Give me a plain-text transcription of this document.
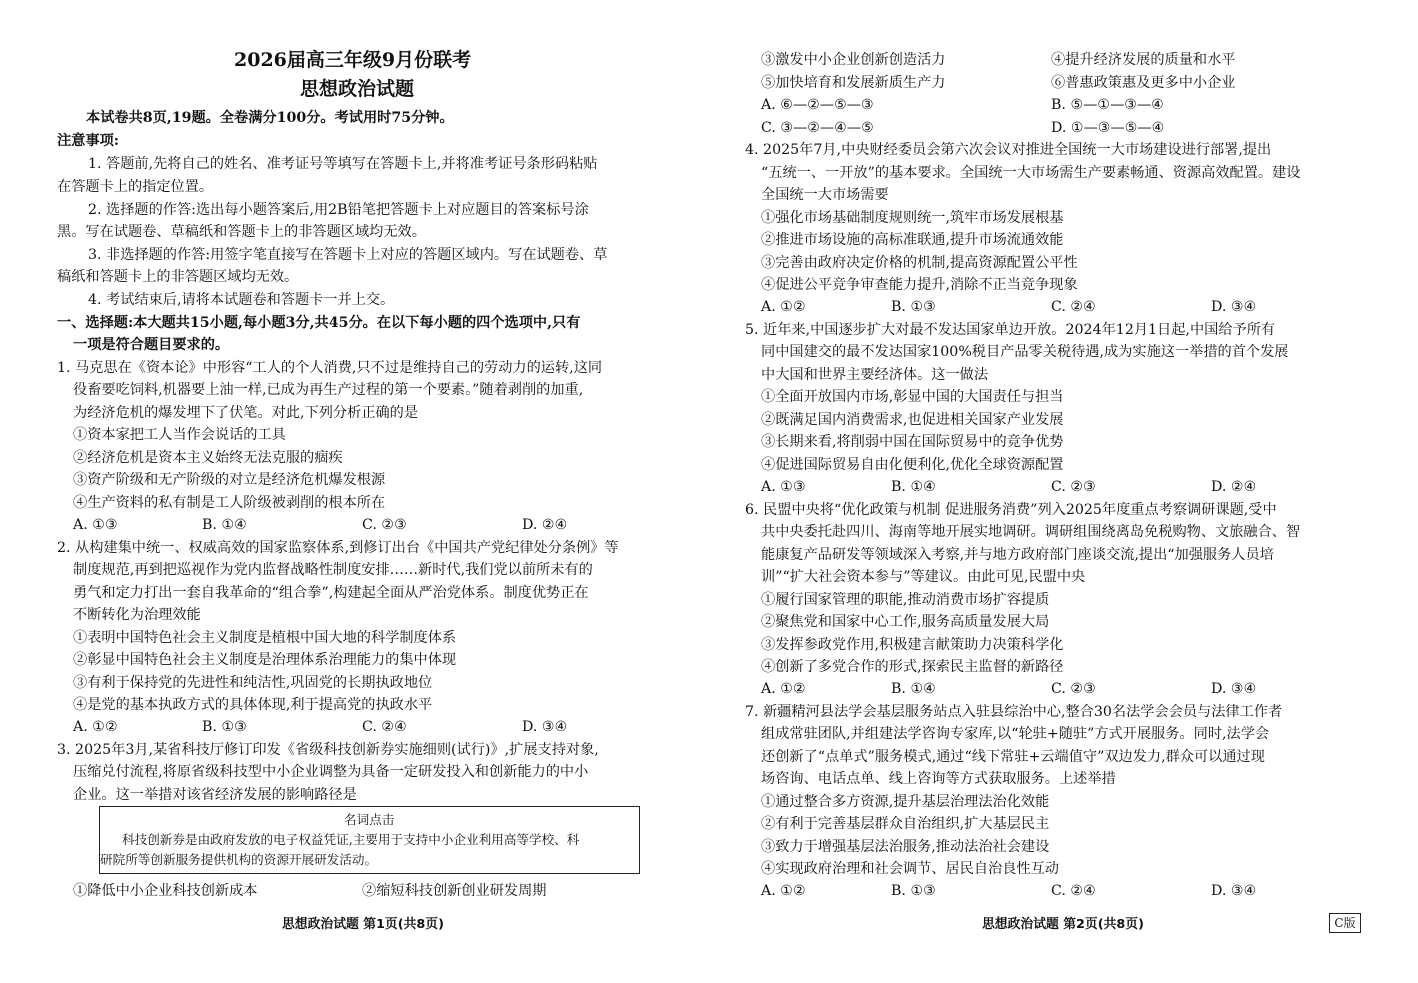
2026届高三年级9月份联考
思想政治试题
本试卷共8页,19题。全卷满分100分。考试用时75分钟。
注意事项:
1. 答题前,先将自己的姓名、准考证号等填写在答题卡上,并将准考证号条形码粘贴
在答题卡上的指定位置。
2. 选择题的作答:选出每小题答案后,用2B铅笔把答题卡上对应题目的答案标号涂
黑。写在试题卷、草稿纸和答题卡上的非答题区域均无效。
3. 非选择题的作答:用签字笔直接写在答题卡上对应的答题区域内。写在试题卷、草
稿纸和答题卡上的非答题区域均无效。
4. 考试结束后,请将本试题卷和答题卡一并上交。
一、选择题:本大题共15小题,每小题3分,共45分。在以下每小题的四个选项中,只有
一项是符合题目要求的。
1. 马克思在《资本论》中形容“工人的个人消费,只不过是维持自己的劳动力的运转,这同
役畜要吃饲料,机器要上油一样,已成为再生产过程的第一个要素。”随着剥削的加重,
为经济危机的爆发埋下了伏笔。对此,下列分析正确的是
①资本家把工人当作会说话的工具
②经济危机是资本主义始终无法克服的痼疾
③资产阶级和无产阶级的对立是经济危机爆发根源
④生产资料的私有制是工人阶级被剥削的根本所在
A. ①③	B. ①④	C. ②③	D. ②④
2. 从构建集中统一、权威高效的国家监察体系,到修订出台《中国共产党纪律处分条例》等
制度规范,再到把巡视作为党内监督战略性制度安排……新时代,我们党以前所未有的
勇气和定力打出一套自我革命的“组合拳”,构建起全面从严治党体系。制度优势正在
不断转化为治理效能
①表明中国特色社会主义制度是植根中国大地的科学制度体系
②彰显中国特色社会主义制度是治理体系治理能力的集中体现
③有利于保持党的先进性和纯洁性,巩固党的长期执政地位
④是党的基本执政方式的具体体现,利于提高党的执政水平
A. ①②	B. ①③	C. ②④	D. ③④
3. 2025年3月,某省科技厅修订印发《省级科技创新券实施细则(试行)》,扩展支持对象,
压缩兑付流程,将原省级科技型中小企业调整为具备一定研发投入和创新能力的中小
企业。这一举措对该省经济发展的影响路径是
名词点击
科技创新券是由政府发放的电子权益凭证,主要用于支持中小企业利用高等学校、科
研院所等创新服务提供机构的资源开展研发活动。
①降低中小企业科技创新成本	②缩短科技创新创业研发周期
思想政治试题 第1页(共8页)
③激发中小企业创新创造活力	④提升经济发展的质量和水平
⑤加快培育和发展新质生产力	⑥普惠政策惠及更多中小企业
A. ⑥—②—⑤—③	B. ⑤—①—③—④
C. ③—②—④—⑤	D. ①—③—⑤—④
4. 2025年7月,中央财经委员会第六次会议对推进全国统一大市场建设进行部署,提出
“五统一、一开放”的基本要求。全国统一大市场需生产要素畅通、资源高效配置。建设
全国统一大市场需要
①强化市场基础制度规则统一,筑牢市场发展根基
②推进市场设施的高标准联通,提升市场流通效能
③完善由政府决定价格的机制,提高资源配置公平性
④促进公平竞争审查能力提升,消除不正当竞争现象
A. ①②	B. ①③	C. ②④	D. ③④
5. 近年来,中国逐步扩大对最不发达国家单边开放。2024年12月1日起,中国给予所有
同中国建交的最不发达国家100%税目产品零关税待遇,成为实施这一举措的首个发展
中大国和世界主要经济体。这一做法
①全面开放国内市场,彰显中国的大国责任与担当
②既满足国内消费需求,也促进相关国家产业发展
③长期来看,将削弱中国在国际贸易中的竞争优势
④促进国际贸易自由化便利化,优化全球资源配置
A. ①③	B. ①④	C. ②③	D. ②④
6. 民盟中央将“优化政策与机制 促进服务消费”列入2025年度重点考察调研课题,受中
共中央委托赴四川、海南等地开展实地调研。调研组围绕离岛免税购物、文旅融合、智
能康复产品研发等领域深入考察,并与地方政府部门座谈交流,提出“加强服务人员培
训”“扩大社会资本参与”等建议。由此可见,民盟中央
①履行国家管理的职能,推动消费市场扩容提质
②聚焦党和国家中心工作,服务高质量发展大局
③发挥参政党作用,积极建言献策助力决策科学化
④创新了多党合作的形式,探索民主监督的新路径
A. ①②	B. ①④	C. ②③	D. ③④
7. 新疆精河县法学会基层服务站点入驻县综治中心,整合30名法学会会员与法律工作者
组成常驻团队,并组建法学咨询专家库,以“轮驻+随驻”方式开展服务。同时,法学会
还创新了“点单式”服务模式,通过“线下常驻+云端值守”双边发力,群众可以通过现
场咨询、电话点单、线上咨询等方式获取服务。上述举措
①通过整合多方资源,提升基层治理法治化效能
②有利于完善基层群众自治组织,扩大基层民主
③致力于增强基层法治服务,推动法治社会建设
④实现政府治理和社会调节、居民自治良性互动
A. ①②	B. ①③	C. ②④	D. ③④
思想政治试题 第2页(共8页)	C版
